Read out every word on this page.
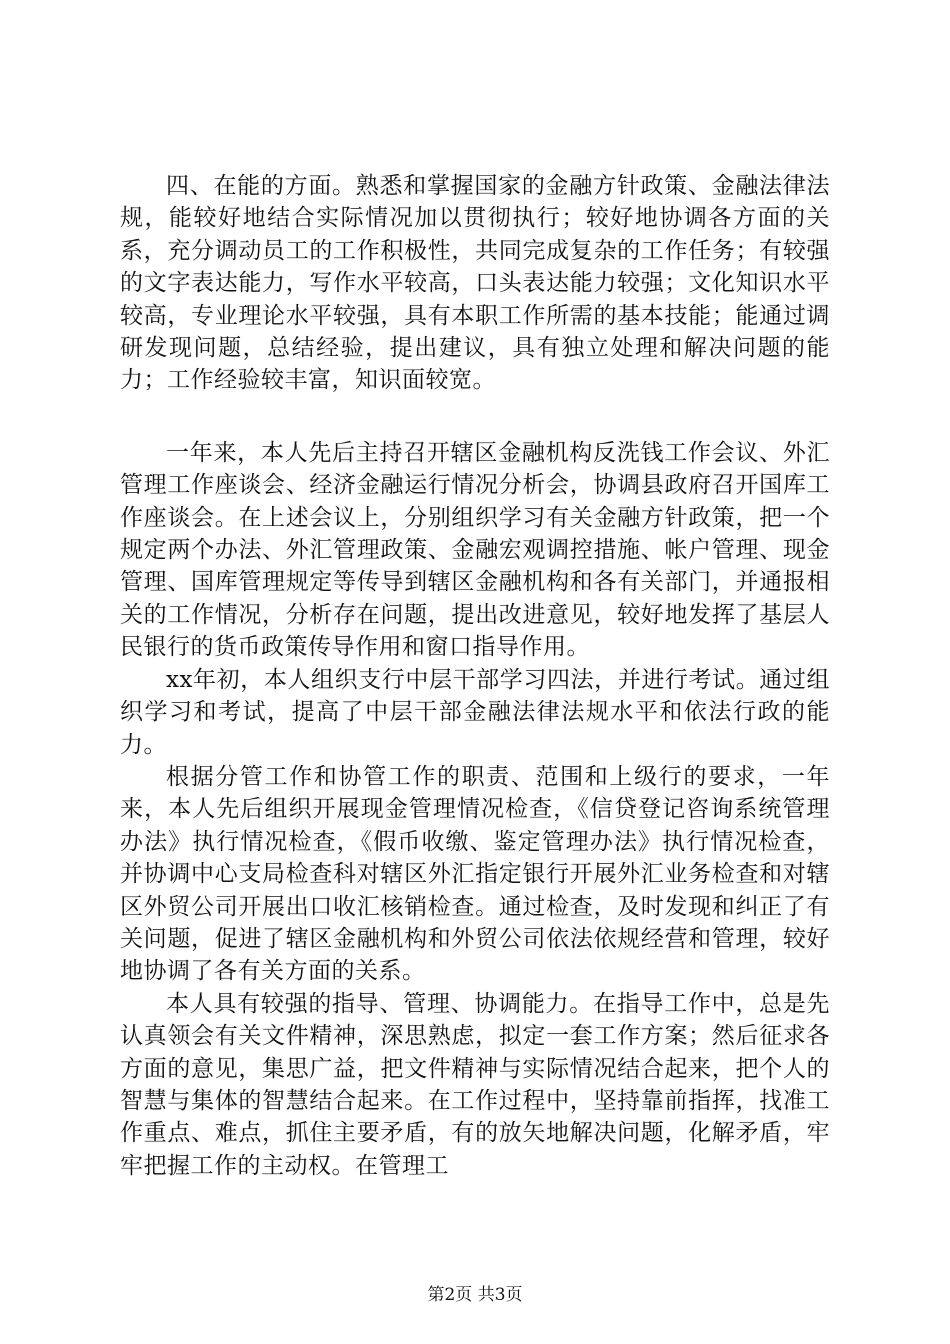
四、在能的方面。熟悉和掌握国家的金融方针政策、金融法律法规，能较好地结合实际情况加以贯彻执行；较好地协调各方面的关系，充分调动员工的工作积极性，共同完成复杂的工作任务；有较强的文字表达能力，写作水平较高，口头表达能力较强；文化知识水平较高，专业理论水平较强，具有本职工作所需的基本技能；能通过调研发现问题，总结经验，提出建议，具有独立处理和解决问题的能力；工作经验较丰富，知识面较宽。

一年来，本人先后主持召开辖区金融机构反洗钱工作会议、外汇管理工作座谈会、经济金融运行情况分析会，协调县政府召开国库工作座谈会。在上述会议上，分别组织学习有关金融方针政策，把一个规定两个办法、外汇管理政策、金融宏观调控措施、帐户管理、现金管理、国库管理规定等传导到辖区金融机构和各有关部门，并通报相关的工作情况，分析存在问题，提出改进意见，较好地发挥了基层人民银行的货币政策传导作用和窗口指导作用。

xx年初，本人组织支行中层干部学习四法，并进行考试。通过组织学习和考试，提高了中层干部金融法律法规水平和依法行政的能力。

根据分管工作和协管工作的职责、范围和上级行的要求，一年来，本人先后组织开展现金管理情况检查，《信贷登记咨询系统管理办法》执行情况检查，《假币收缴、鉴定管理办法》执行情况检查，并协调中心支局检查科对辖区外汇指定银行开展外汇业务检查和对辖区外贸公司开展出口收汇核销检查。通过检查，及时发现和纠正了有关问题，促进了辖区金融机构和外贸公司依法依规经营和管理，较好地协调了各有关方面的关系。

本人具有较强的指导、管理、协调能力。在指导工作中，总是先认真领会有关文件精神，深思熟虑，拟定一套工作方案；然后征求各方面的意见，集思广益，把文件精神与实际情况结合起来，把个人的智慧与集体的智慧结合起来。在工作过程中，坚持靠前指挥，找准工作重点、难点，抓住主要矛盾，有的放矢地解决问题，化解矛盾，牢牢把握工作的主动权。在管理工

第2页 共3页
